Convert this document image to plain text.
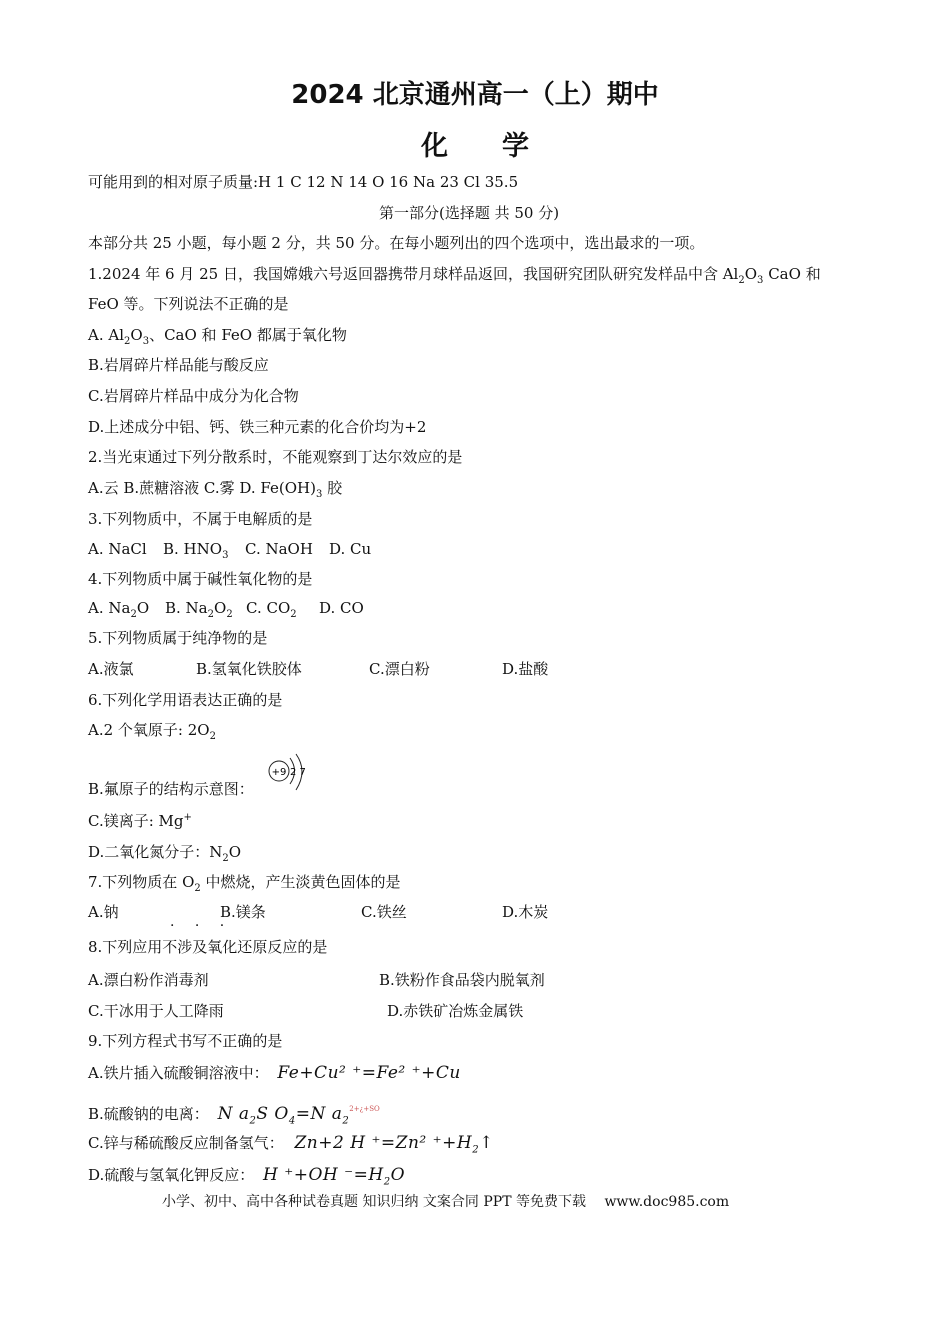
2024 北京通州高一（上）期中
化　　学
可能用到的相对原子质量:H 1 C 12 N 14 O 16 Na 23 Cl 35.5
第一部分(选择题 共 50 分)
本部分共 25 小题，每小题 2 分，共 50 分。在每小题列出的四个选项中，选出最求的一项。
1.2024 年 6 月 25 日，我国嫦娥六号返回器携带月球样品返回，我国研究团队研究发样品中含 $Al_2O_3$ CaO 和
FeO 等。下列说法不正确的是
A. $Al_2O_3$、CaO 和 FeO 都属于氧化物
B.岩屑碎片样品能与酸反应
C.岩屑碎片样品中成分为化合物
D.上述成分中铝、钙、铁三种元素的化合价均为+2
2.当光束通过下列分散系时，不能观察到丁达尔效应的是
A.云 B.蔗糖溶液 C.雾 D. $Fe(OH)_3$ 胶
3.下列物质中，不属于电解质的是
A. NaCl B. $HNO_3$ C. NaOH D. Cu
4.下列物质中属于碱性氧化物的是
A. $Na_2O$ B. $Na_2O_2$ C. $CO_2$ D. CO
5.下列物质属于纯净物的是
A.液氯	B.氢氧化铁胶体	C.漂白粉	D.盐酸
6.下列化学用语表达正确的是
A.2 个氧原子: $2O_2$
B.氟原子的结构示意图：
+9 2 7
C.镁离子: Mg+
D.二氧化氮分子：$N_2O$
7.下列物质在 $O_2$ 中燃烧，产生淡黄色固体的是
A.钠	B.镁条	C.铁丝	D.木炭
· · ·
8.下列应用不涉及氧化还原反应的是
A.漂白粉作消毒剂	B.铁粉作食品袋内脱氧剂
C.干冰用于人工降雨	D.赤铁矿冶炼金属铁
9.下列方程式书写不正确的是
A.铁片插入硫酸铜溶液中： Fe+Cu² ⁺=Fe² ⁺+Cu
B.硫酸钠的电离： N $a_2S$ $O_4=N$ $a_2^{2+¿+SO}$
C.锌与稀硫酸反应制备氢气： Zn+2 H ⁺=Zn² $^++H_2↑$
D.硫酸与氢氧化钾反应： H ⁺+OH $^-=H_2O$
小学、初中、高中各种试卷真题 知识归纳 文案合同 PPT 等免费下载 www.doc985.com
